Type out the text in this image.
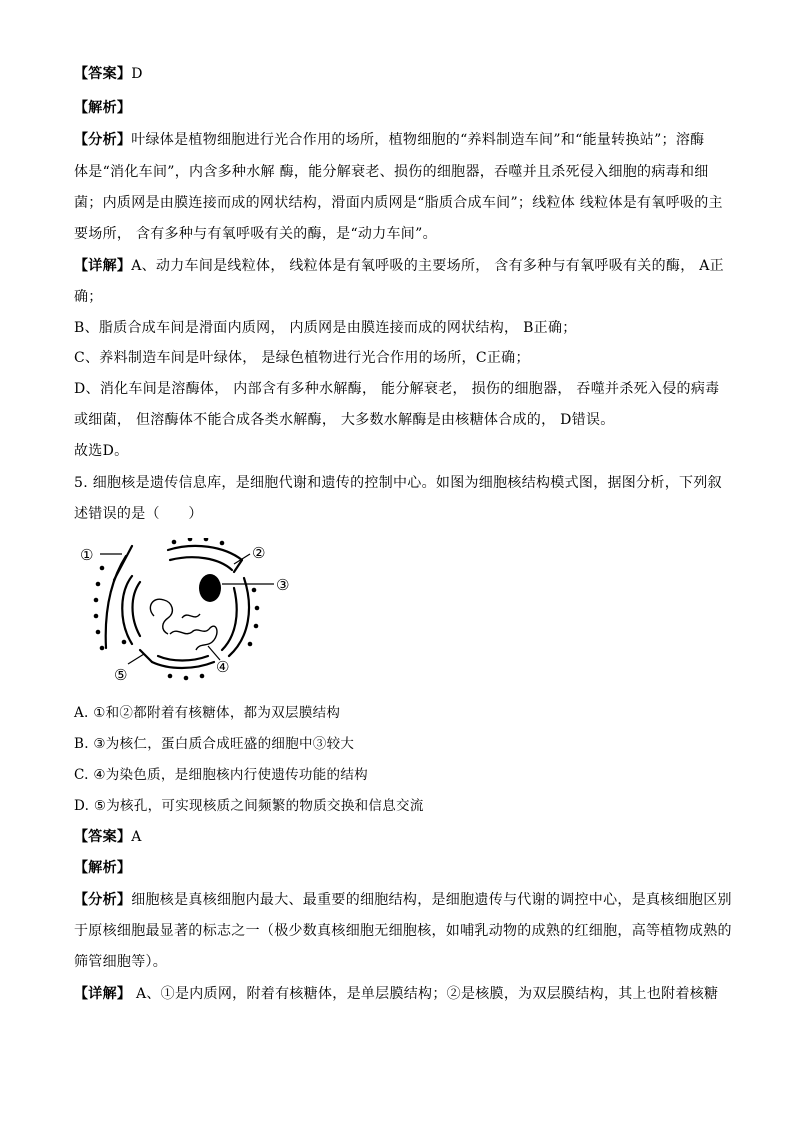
【答案】D
【解析】
【分析】叶绿体是植物细胞进行光合作用的场所，植物细胞的“养料制造车间”和“能量转换站”；溶酶
体是“消化车间”，内含多种水解 酶，能分解衰老、损伤的细胞器，吞噬并且杀死侵入细胞的病毒和细
菌；内质网是由膜连接而成的网状结构，滑面内质网是“脂质合成车间”；线粒体 线粒体是有氧呼吸的主
要场所， 含有多种与有氧呼吸有关的酶，是“动力车间”。
【详解】A、动力车间是线粒体， 线粒体是有氧呼吸的主要场所， 含有多种与有氧呼吸有关的酶， A正
确；
B、脂质合成车间是滑面内质网， 内质网是由膜连接而成的网状结构， B正确；
C、养料制造车间是叶绿体， 是绿色植物进行光合作用的场所，C正确；
D、消化车间是溶酶体， 内部含有多种水解酶， 能分解衰老， 损伤的细胞器， 吞噬并杀死入侵的病毒
或细菌， 但溶酶体不能合成各类水解酶， 大多数水解酶是由核糖体合成的， D错误。
故选D。
5. 细胞核是遗传信息库，是细胞代谢和遗传的控制中心。如图为细胞核结构模式图，据图分析，下列叙
述错误的是（　　）
①	②
③
④
⑤
A. ①和②都附着有核糖体，都为双层膜结构
B. ③为核仁，蛋白质合成旺盛的细胞中③较大
C. ④为染色质，是细胞核内行使遗传功能的结构
D. ⑤为核孔，可实现核质之间频繁的物质交换和信息交流
【答案】A
【解析】
【分析】细胞核是真核细胞内最大、最重要的细胞结构，是细胞遗传与代谢的调控中心，是真核细胞区别
于原核细胞最显著的标志之一（极少数真核细胞无细胞核，如哺乳动物的成熟的红细胞，高等植物成熟的
筛管细胞等）。
【详解】 A、①是内质网，附着有核糖体，是单层膜结构；②是核膜，为双层膜结构，其上也附着核糖
